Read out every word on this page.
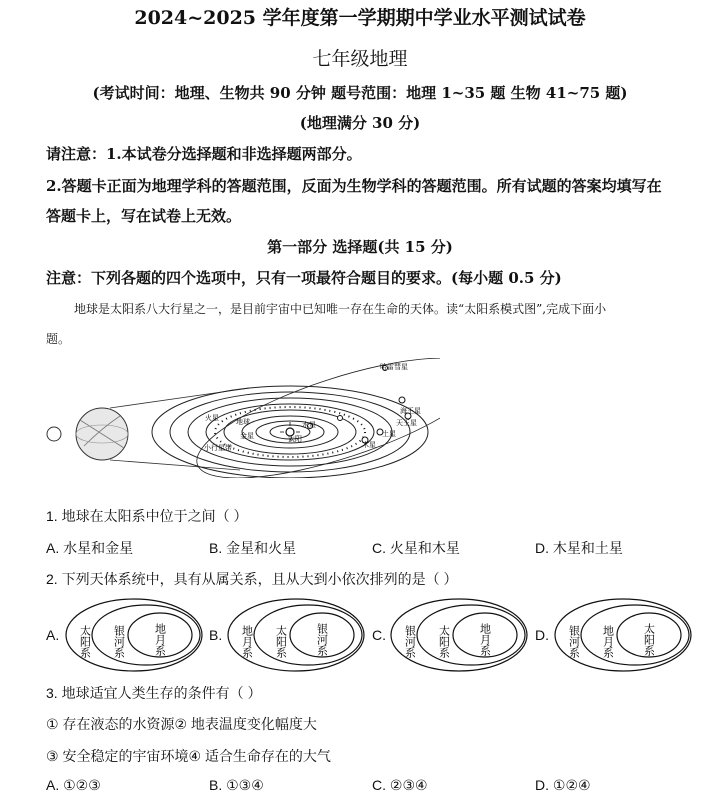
2024~2025 学年度第一学期期中学业水平测试试卷
七年级地理
(考试时间：地理、生物共 90 分钟 题号范围：地理 1~35 题 生物 41~75 题)
(地理满分 30 分)
请注意：1.本试卷分选择题和非选择题两部分。
2.答题卡正面为地理学科的答题范围，反面为生物学科的答题范围。所有试题的答案均填写在
答题卡上，写在试卷上无效。
第一部分 选择题(共 15 分)
注意：下列各题的四个选项中，只有一项最符合题目的要求。(每小题 0.5 分)
地球是太阳系八大行星之一，是目前宇宙中已知唯一存在生命的天体。读“太阳系模式图”,完成下面小
题。
哈雷彗星
海王星
天王星
土星
木星
水星
金星
地球
火星
小行星带
太阳
1. 地球在太阳系中位于之间（ ）
A. 水星和金星	B. 金星和火星	C. 火星和木星	D. 木星和土星
2. 下列天体系统中，具有从属关系，且从大到小依次排列的是（ ）
A. 太阳系 银河系	地月系	B. 地月系 太阳系	银河系	C. 银河系 太阳系	地月系	D. 银河系 地月系	太阳系
3. 地球适宜人类生存的条件有（ ）
① 存在液态的水资源② 地表温度变化幅度大
③ 安全稳定的宇宙环境④ 适合生命存在的大气
A. ①②③	B. ①③④	C. ②③④	D. ①②④
